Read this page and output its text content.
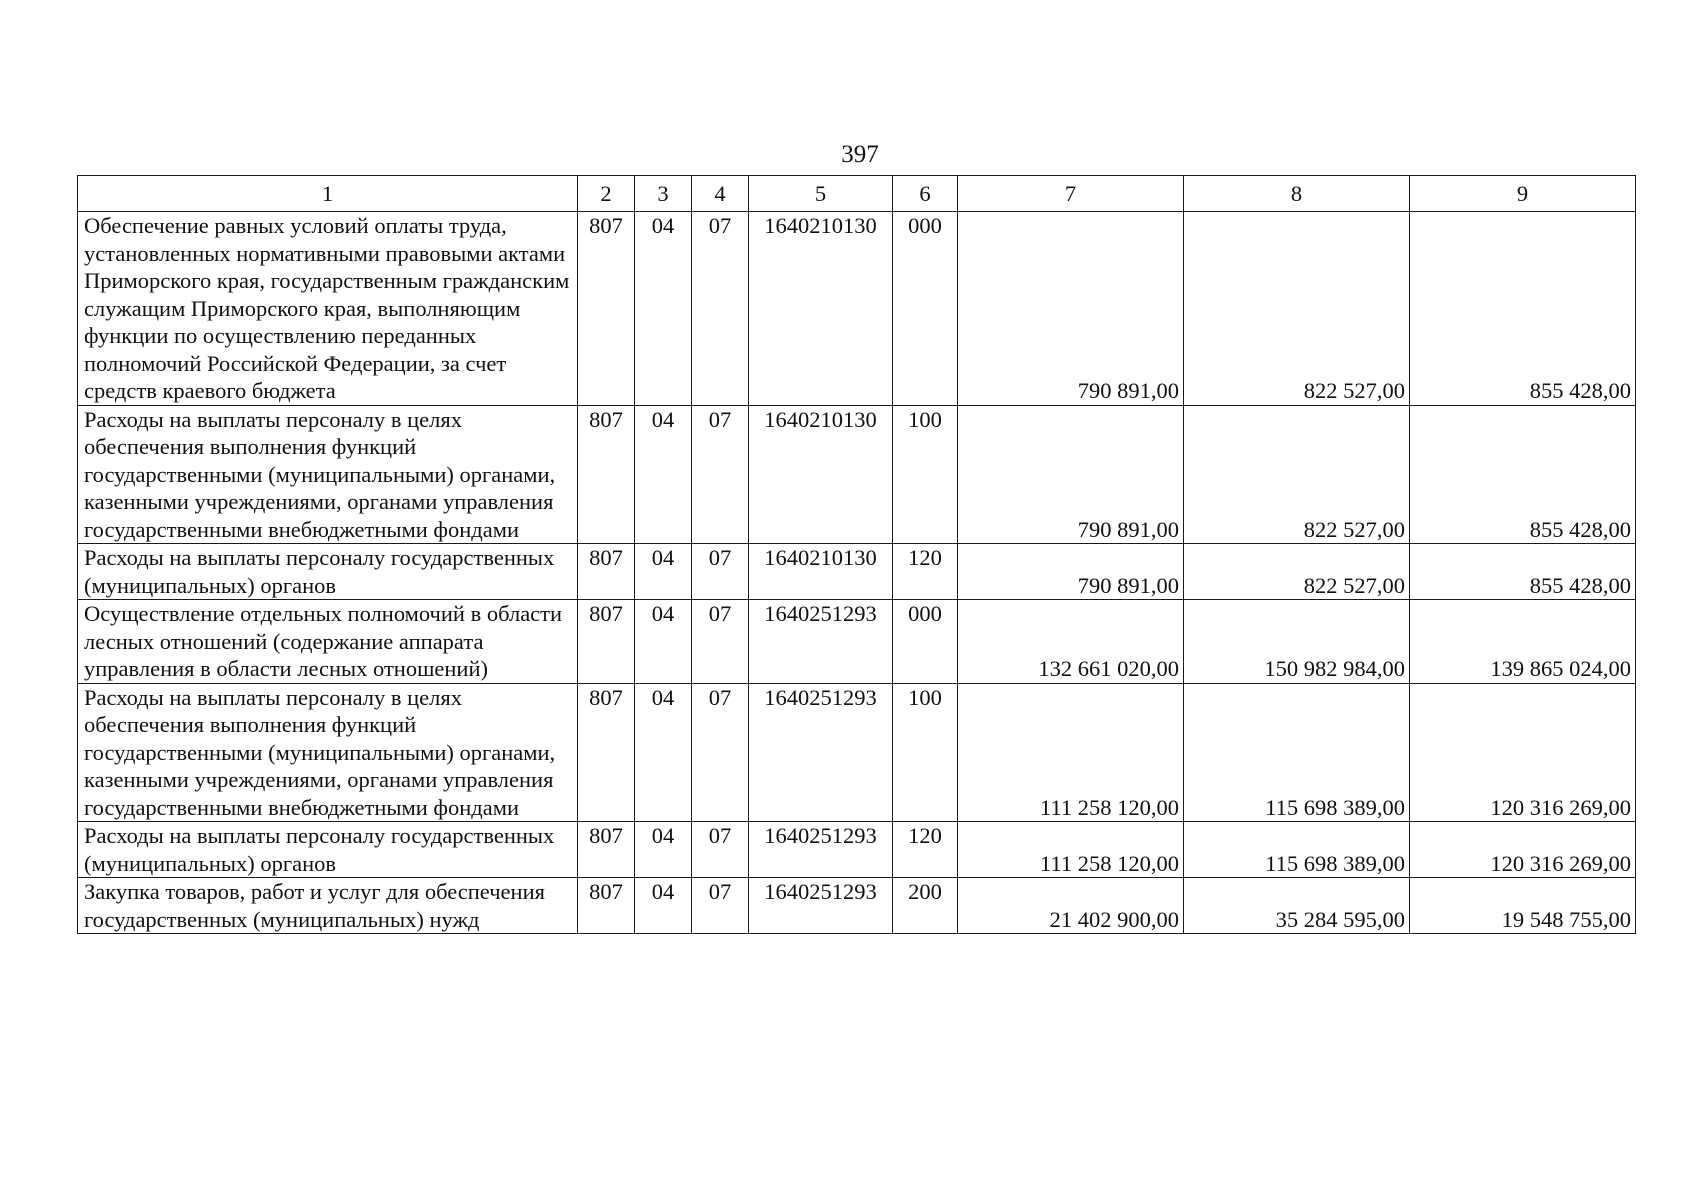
397
1	2	3	4	5	6	7	8	9
Обеспечение равных условий оплаты труда, установленных нормативными правовыми актами Приморского края, государственным гражданским служащим Приморского края, выполняющим функции по осуществлению переданных полномочий Российской Федерации, за счет средств краевого бюджета	807	04	07	1640210130	000	790 891,00	822 527,00	855 428,00
Расходы на выплаты персоналу в целях обеспечения выполнения функций государственными (муниципальными) органами, казенными учреждениями, органами управления государственными внебюджетными фондами	807	04	07	1640210130	100	790 891,00	822 527,00	855 428,00
Расходы на выплаты персоналу государственных (муниципальных) органов	807	04	07	1640210130	120	790 891,00	822 527,00	855 428,00
Осуществление отдельных полномочий в области лесных отношений (содержание аппарата управления в области лесных отношений)	807	04	07	1640251293	000	132 661 020,00	150 982 984,00	139 865 024,00
Расходы на выплаты персоналу в целях обеспечения выполнения функций государственными (муниципальными) органами, казенными учреждениями, органами управления государственными внебюджетными фондами	807	04	07	1640251293	100	111 258 120,00	115 698 389,00	120 316 269,00
Расходы на выплаты персоналу государственных (муниципальных) органов	807	04	07	1640251293	120	111 258 120,00	115 698 389,00	120 316 269,00
Закупка товаров, работ и услуг для обеспечения государственных (муниципальных) нужд	807	04	07	1640251293	200	21 402 900,00	35 284 595,00	19 548 755,00
